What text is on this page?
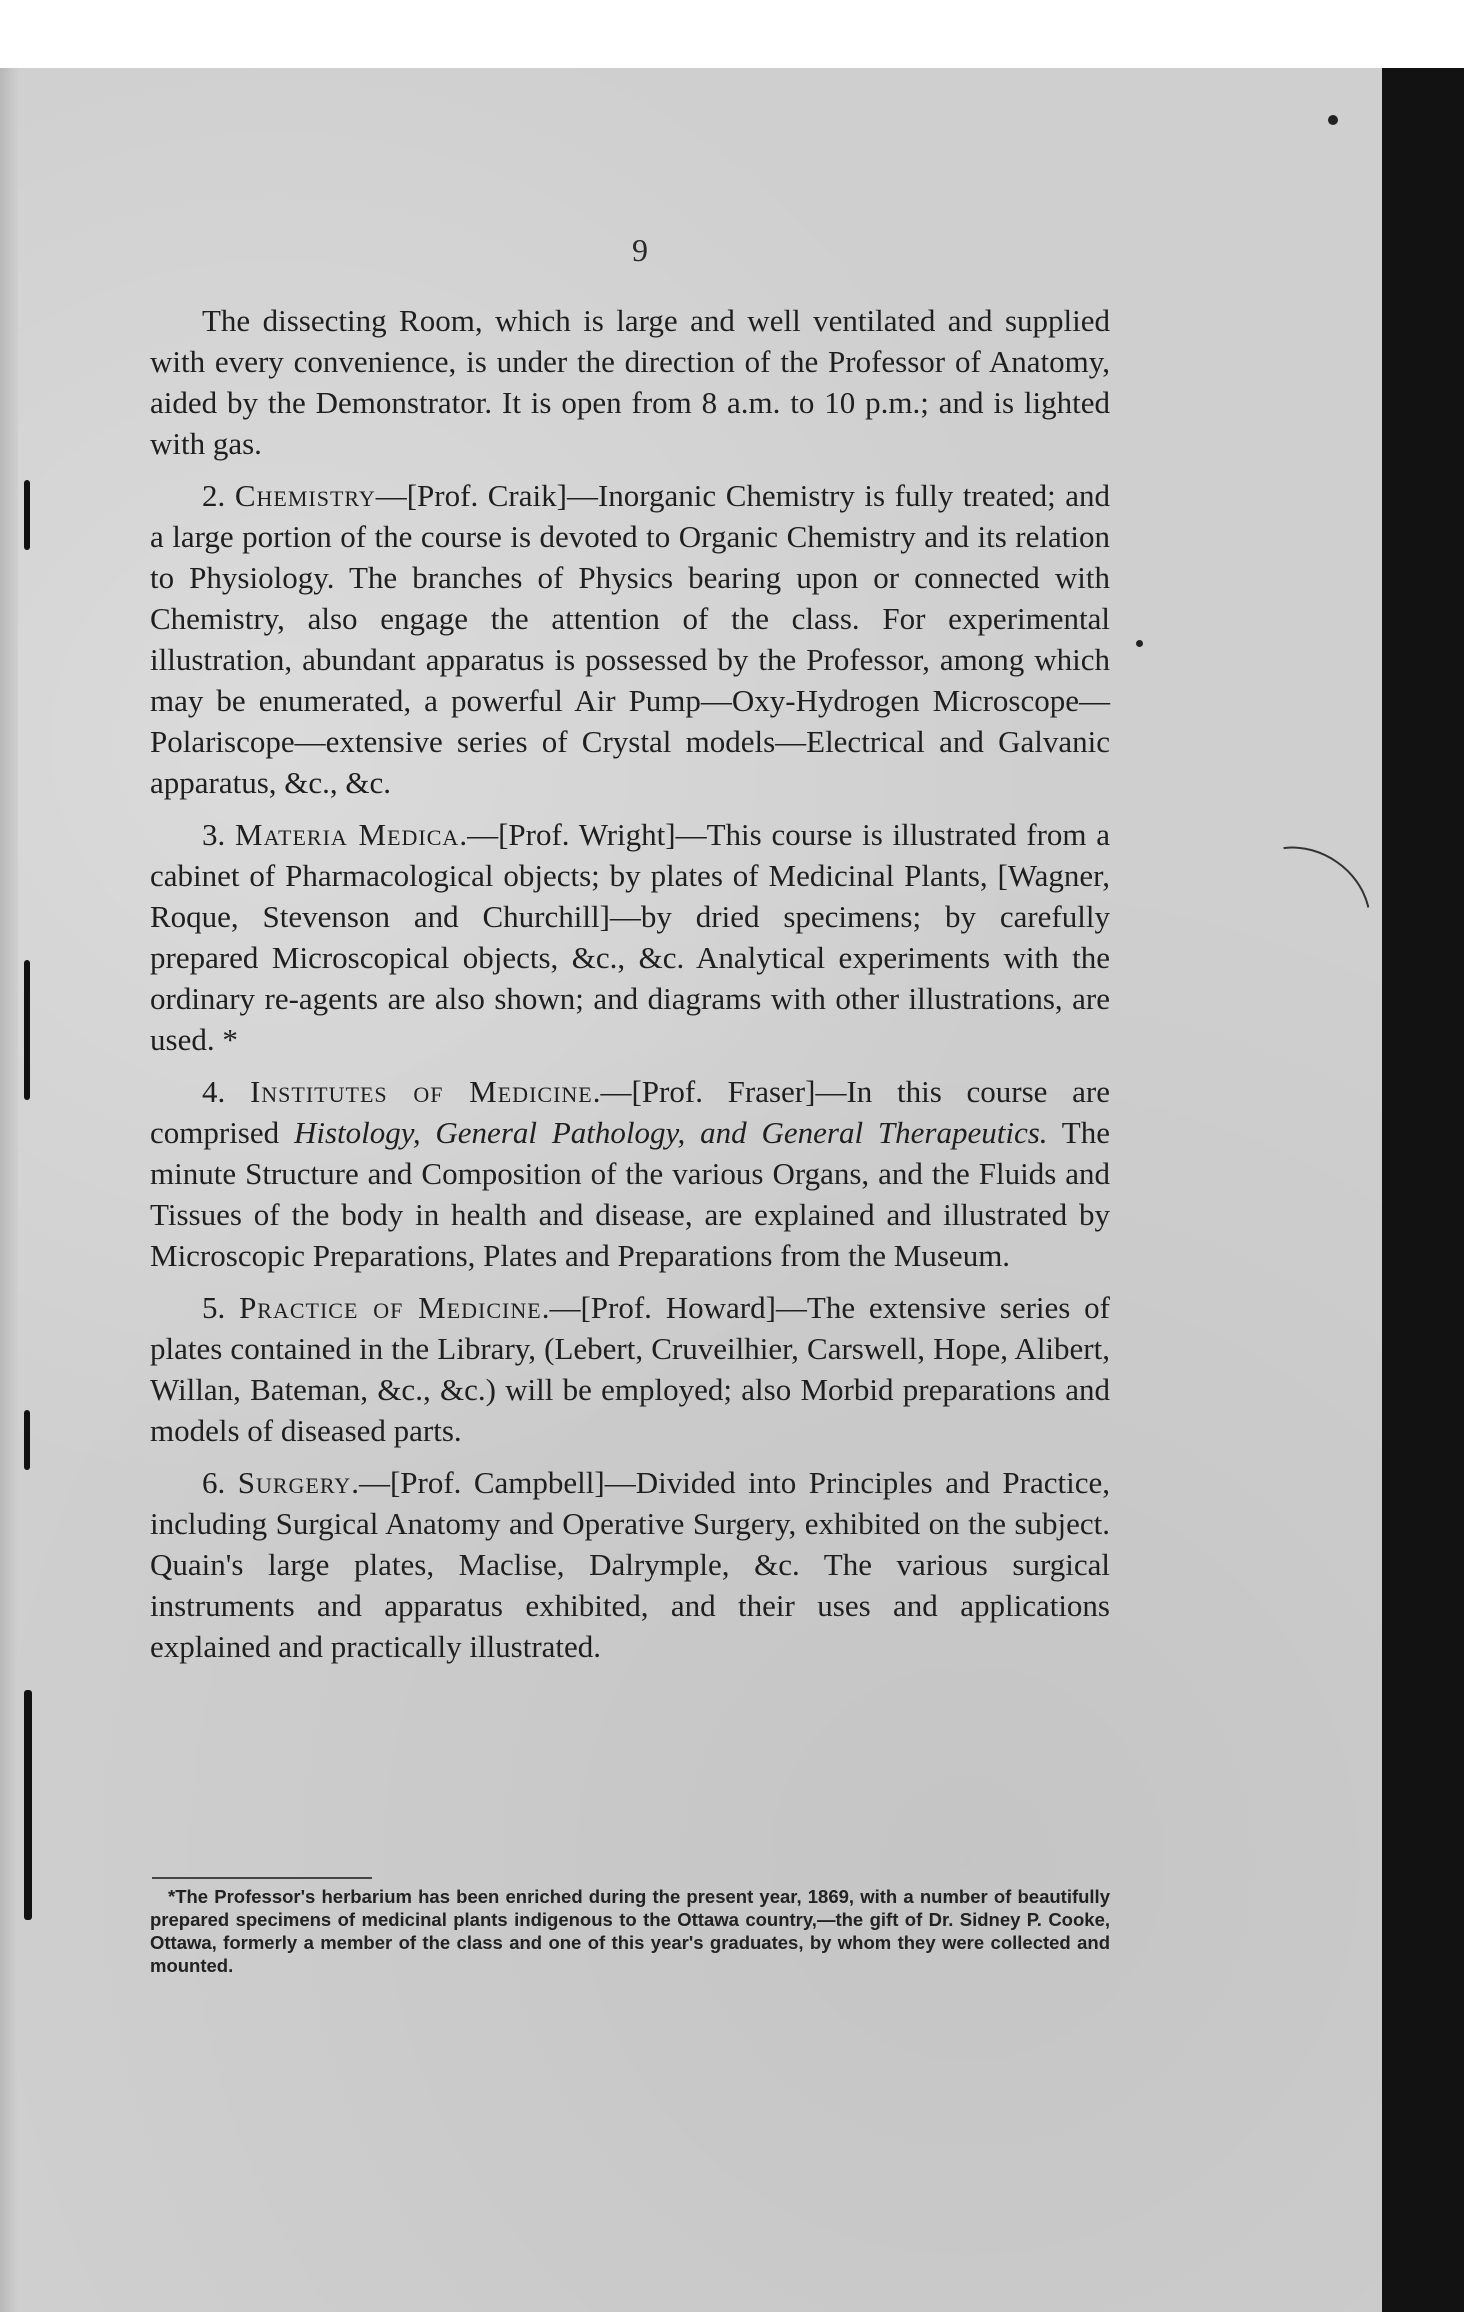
9

The dissecting Room, which is large and well ventilated and supplied with every convenience, is under the direction of the Professor of Anatomy, aided by the Demonstrator. It is open from 8 a.m. to 10 p.m.; and is lighted with gas.

2. Chemistry—[Prof. Craik]—Inorganic Chemistry is fully treated; and a large portion of the course is devoted to Organic Chemistry and its relation to Physiology. The branches of Physics bearing upon or connected with Chemistry, also engage the attention of the class. For experimental illustration, abundant apparatus is possessed by the Professor, among which may be enumerated, a powerful Air Pump—Oxy-Hydrogen Microscope—Polariscope—extensive series of Crystal models—Electrical and Galvanic apparatus, &c., &c.

3. Materia Medica.—[Prof. Wright]—This course is illustrated from a cabinet of Pharmacological objects; by plates of Medicinal Plants, [Wagner, Roque, Stevenson and Churchill]—by dried specimens; by carefully prepared Microscopical objects, &c., &c. Analytical experiments with the ordinary re-agents are also shown; and diagrams with other illustrations, are used. *

4. Institutes of Medicine.—[Prof. Fraser]—In this course are comprised Histology, General Pathology, and General Therapeutics. The minute Structure and Composition of the various Organs, and the Fluids and Tissues of the body in health and disease, are explained and illustrated by Microscopic Preparations, Plates and Preparations from the Museum.

5. Practice of Medicine.—[Prof. Howard]—The extensive series of plates contained in the Library, (Lebert, Cruveilhier, Carswell, Hope, Alibert, Willan, Bateman, &c., &c.) will be employed; also Morbid preparations and models of diseased parts.

6. Surgery.—[Prof. Campbell]—Divided into Principles and Practice, including Surgical Anatomy and Operative Surgery, exhibited on the subject. Quain's large plates, Maclise, Dalrymple, &c. The various surgical instruments and apparatus exhibited, and their uses and applications explained and practically illustrated.

*The Professor's herbarium has been enriched during the present year, 1869, with a number of beautifully prepared specimens of medicinal plants indigenous to the Ottawa country,—the gift of Dr. Sidney P. Cooke, Ottawa, formerly a member of the class and one of this year's graduates, by whom they were collected and mounted.
